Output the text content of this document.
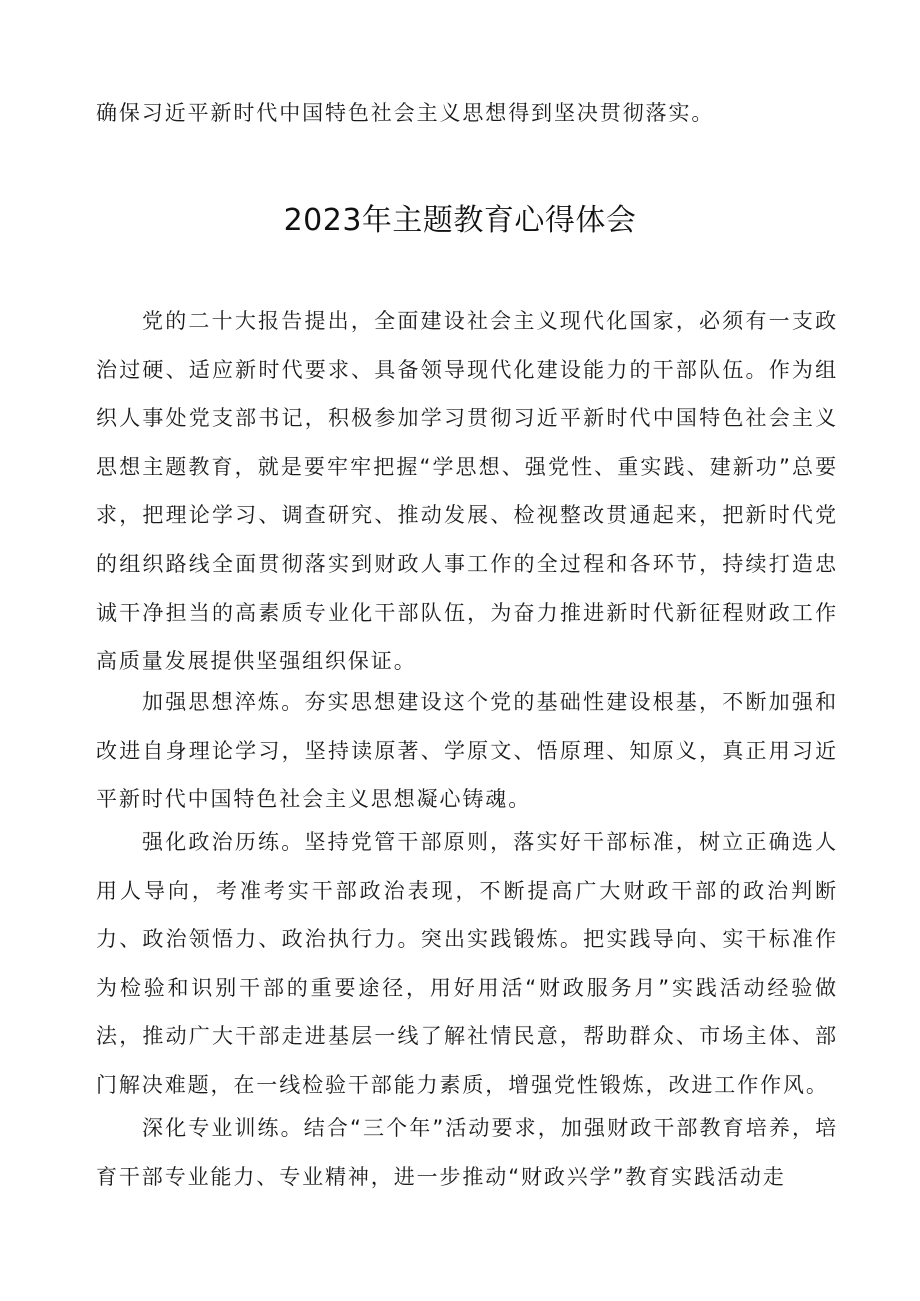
确保习近平新时代中国特色社会主义思想得到坚决贯彻落实。

2023年主题教育心得体会

党的二十大报告提出，全面建设社会主义现代化国家，必须有一支政治过硬、适应新时代要求、具备领导现代化建设能力的干部队伍。作为组织人事处党支部书记，积极参加学习贯彻习近平新时代中国特色社会主义思想主题教育，就是要牢牢把握“学思想、强党性、重实践、建新功”总要求，把理论学习、调查研究、推动发展、检视整改贯通起来，把新时代党的组织路线全面贯彻落实到财政人事工作的全过程和各环节，持续打造忠诚干净担当的高素质专业化干部队伍，为奋力推进新时代新征程财政工作高质量发展提供坚强组织保证。

加强思想淬炼。夯实思想建设这个党的基础性建设根基，不断加强和改进自身理论学习，坚持读原著、学原文、悟原理、知原义，真正用习近平新时代中国特色社会主义思想凝心铸魂。

强化政治历练。坚持党管干部原则，落实好干部标准，树立正确选人用人导向，考准考实干部政治表现，不断提高广大财政干部的政治判断力、政治领悟力、政治执行力。突出实践锻炼。把实践导向、实干标准作为检验和识别干部的重要途径，用好用活“财政服务月”实践活动经验做法，推动广大干部走进基层一线了解社情民意，帮助群众、市场主体、部门解决难题，在一线检验干部能力素质，增强党性锻炼，改进工作作风。

深化专业训练。结合“三个年”活动要求，加强财政干部教育培养，培育干部专业能力、专业精神，进一步推动“财政兴学”教育实践活动走
